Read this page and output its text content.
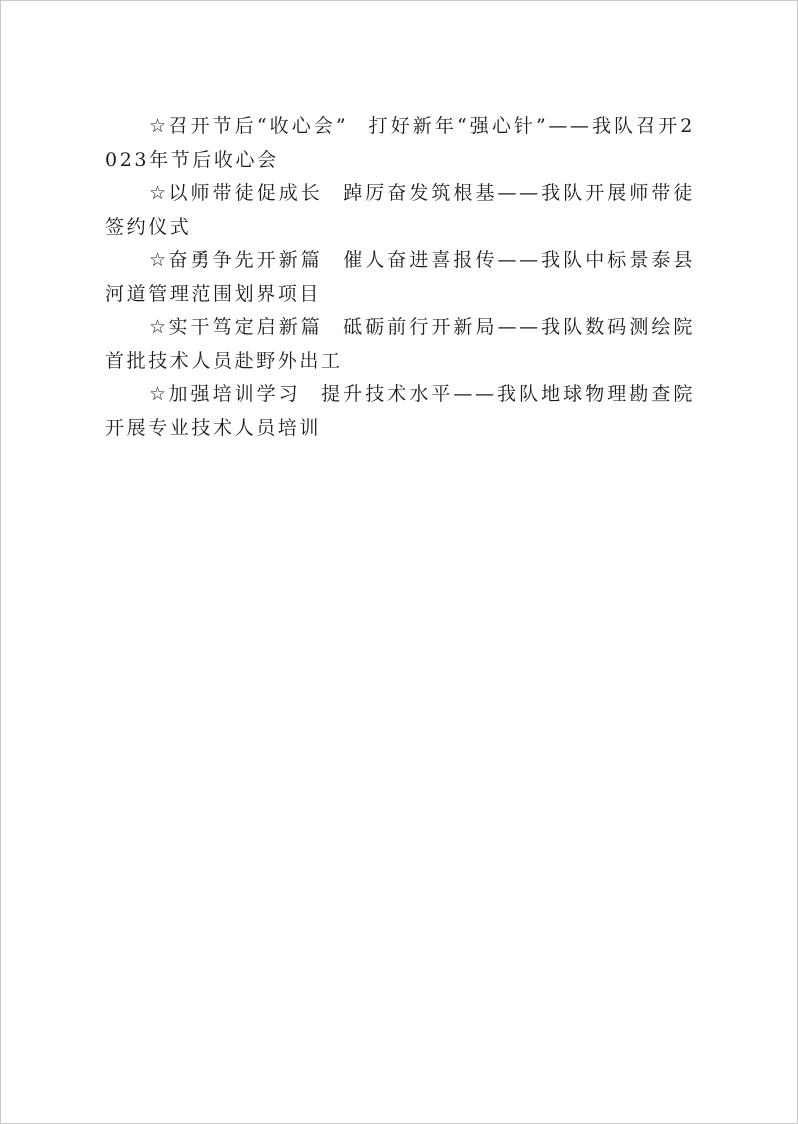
☆ 召开节后“收心会” 打好新年“强心针”——我队召开2023年节后收心会

☆ 以师带徒促成长 踔厉奋发筑根基——我队开展师带徒签约仪式

☆ 奋勇争先开新篇 催人奋进喜报传——我队中标景泰县河道管理范围划界项目

☆ 实干笃定启新篇 砥砺前行开新局——我队数码测绘院首批技术人员赴野外出工

☆ 加强培训学习 提升技术水平——我队地球物理勘查院开展专业技术人员培训
